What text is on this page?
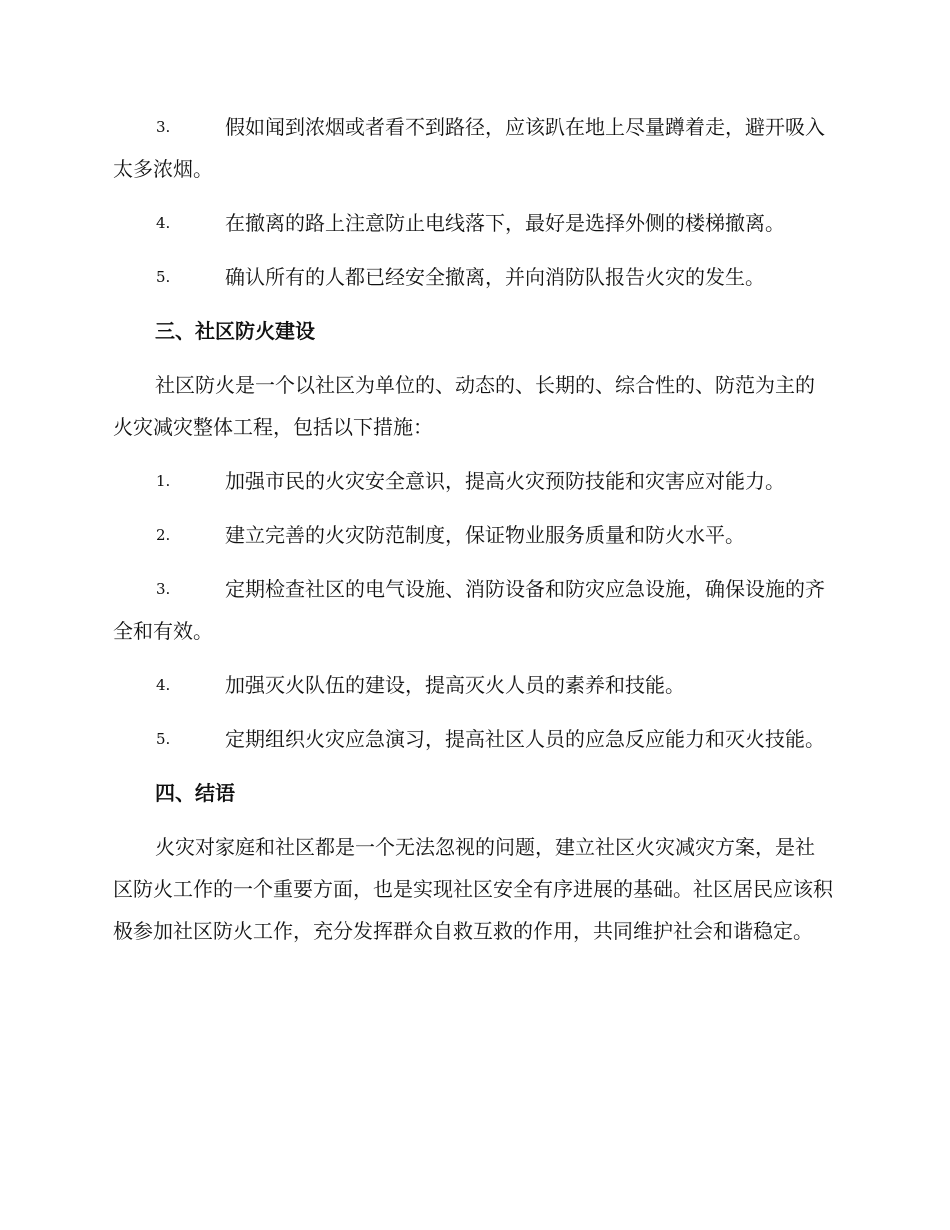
3.	假如闻到浓烟或者看不到路径，应该趴在地上尽量蹲着走，避开吸入太多浓烟。
4.	在撤离的路上注意防止电线落下，最好是选择外侧的楼梯撤离。
5.	确认所有的人都已经安全撤离，并向消防队报告火灾的发生。
三、社区防火建设
社区防火是一个以社区为单位的、动态的、长期的、综合性的、防范为主的火灾减灾整体工程，包括以下措施：
1.	加强市民的火灾安全意识，提高火灾预防技能和灾害应对能力。
2.	建立完善的火灾防范制度，保证物业服务质量和防火水平。
3.	定期检查社区的电气设施、消防设备和防灾应急设施，确保设施的齐全和有效。
4.	加强灭火队伍的建设，提高灭火人员的素养和技能。
5.	定期组织火灾应急演习，提高社区人员的应急反应能力和灭火技能。
四、结语
火灾对家庭和社区都是一个无法忽视的问题，建立社区火灾减灾方案，是社区防火工作的一个重要方面，也是实现社区安全有序进展的基础。社区居民应该积极参加社区防火工作，充分发挥群众自救互救的作用，共同维护社会和谐稳定。
